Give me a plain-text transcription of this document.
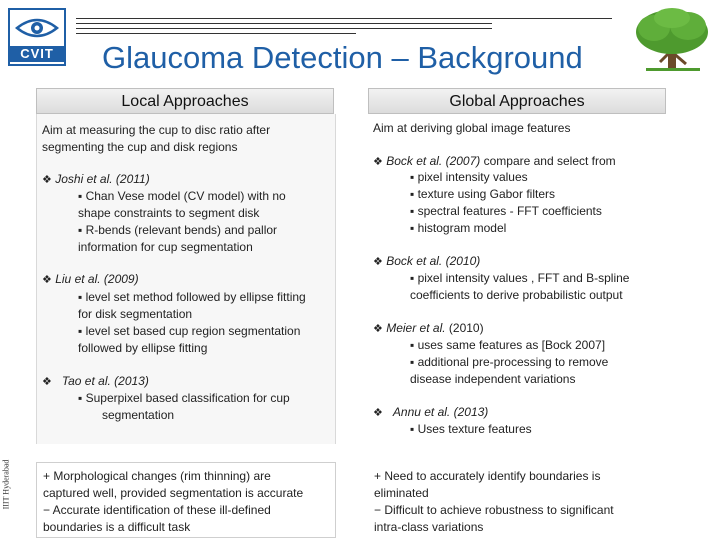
CVIT	Glaucoma Detection – Background
IIIT Hyderabad
Local Approaches
Aim at measuring the cup to disc ratio after
segmenting the cup and disk regions
❖ Joshi et al. (2011)
▪ Chan Vese model (CV model) with no
shape constraints to segment disk
▪ R-bends (relevant bends) and pallor
information for cup segmentation
❖ Liu et al. (2009)
▪ level set method followed by ellipse fitting
for disk segmentation
▪ level set based cup region segmentation
followed by ellipse fitting
❖ Tao et al. (2013)
▪ Superpixel based classification for cup
segmentation
+ Morphological changes (rim thinning) are
captured well, provided segmentation is accurate
− Accurate identification of these ill-defined
boundaries is a difficult task
Global Approaches
Aim at deriving global image features
❖ Bock et al. (2007) compare and select from
▪ pixel intensity values
▪ texture using Gabor filters
▪ spectral features - FFT coefficients
▪ histogram model
❖ Bock et al. (2010)
▪ pixel intensity values , FFT and B-spline
coefficients to derive probabilistic output
❖ Meier et al. (2010)
▪ uses same features as [Bock 2007]
▪ additional pre-processing to remove
disease independent variations
❖ Annu et al. (2013)
▪ Uses texture features
+ Need to accurately identify boundaries is
eliminated
− Difficult to achieve robustness to significant
intra-class variations
